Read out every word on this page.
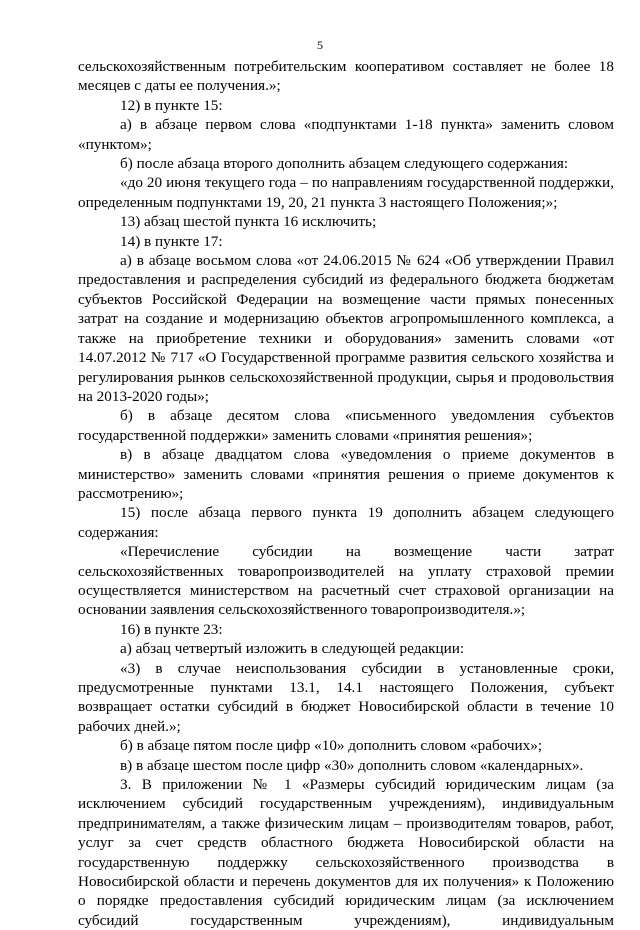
5

сельскохозяйственным потребительским кооперативом составляет не более 18 месяцев с даты ее получения.»;

12) в пункте 15:

а) в абзаце первом слова «подпунктами 1-18 пункта» заменить словом «пунктом»;

б) после абзаца второго дополнить абзацем следующего содержания:

«до 20 июня текущего года – по направлениям государственной поддержки, определенным подпунктами 19, 20, 21 пункта 3 настоящего Положения;»;

13) абзац шестой пункта 16 исключить;

14) в пункте 17:

а) в абзаце восьмом слова «от 24.06.2015 № 624 «Об утверждении Правил предоставления и распределения субсидий из федерального бюджета бюджетам субъектов Российской Федерации на возмещение части прямых понесенных затрат на создание и модернизацию объектов агропромышленного комплекса, а также на приобретение техники и оборудования» заменить словами «от 14.07.2012 № 717 «О Государственной программе развития сельского хозяйства и регулирования рынков сельскохозяйственной продукции, сырья и продовольствия на 2013-2020 годы»;

б) в абзаце десятом слова «письменного уведомления субъектов государственной поддержки» заменить словами «принятия решения»;

в) в абзаце двадцатом слова «уведомления о приеме документов в министерство» заменить словами «принятия решения о приеме документов к рассмотрению»;

15) после абзаца первого пункта 19 дополнить абзацем следующего содержания:

«Перечисление субсидии на возмещение части затрат сельскохозяйственных товаропроизводителей на уплату страховой премии осуществляется министерством на расчетный счет страховой организации на основании заявления сельскохозяйственного товаропроизводителя.»;

16) в пункте 23:

а) абзац четвертый изложить в следующей редакции:

«3) в случае неиспользования субсидии в установленные сроки, предусмотренные пунктами 13.1, 14.1 настоящего Положения, субъект возвращает остатки субсидий в бюджет Новосибирской области в течение 10 рабочих дней.»;

б) в абзаце пятом после цифр «10» дополнить словом «рабочих»;

в) в абзаце шестом после цифр «30» дополнить словом «календарных».

3. В приложении № 1 «Размеры субсидий юридическим лицам (за исключением субсидий государственным учреждениям), индивидуальным предпринимателям, а также физическим лицам – производителям товаров, работ, услуг за счет средств областного бюджета Новосибирской области на государственную поддержку сельскохозяйственного производства в Новосибирской области и перечень документов для их получения» к Положению о порядке предоставления субсидий юридическим лицам (за исключением субсидий государственным учреждениям), индивидуальным
